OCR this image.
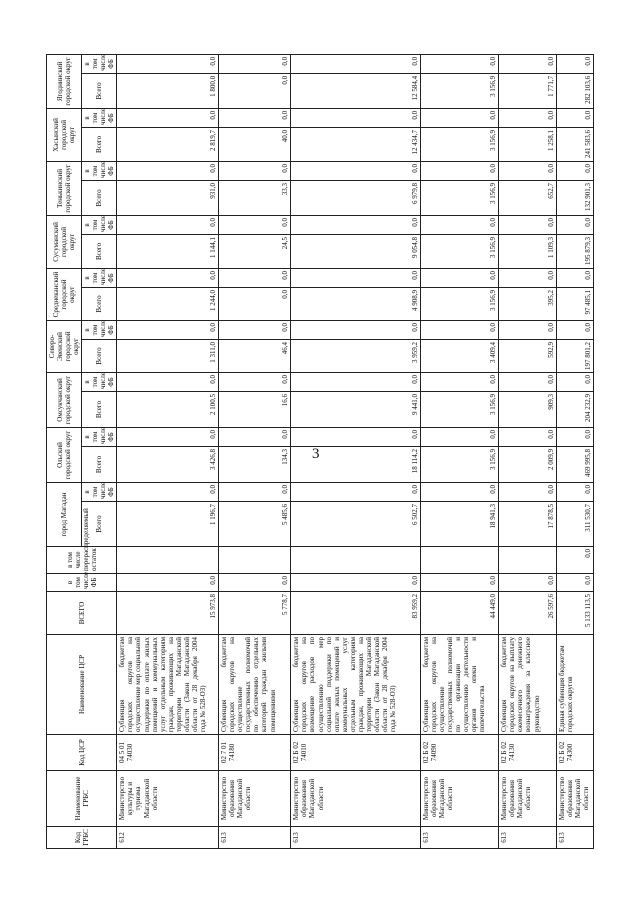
3
Код ГРБС	Наименование ГРБС	Код ЦСР	Наименование ЦСР	ВСЕГО	в том числе ФБ	в том числе перераспределяемый остаток	город Магадан		Ольский городской округ		Омсукчанский городской округ		Северо-Эвенский городской округ		Среднеканский городской округ		Сусуманский городской округ		Тенькинский городской округ		Хасынский городской округ		Ягоднинский городской округ	
							Всего	в том числе ФБ	Всего	в том числе ФБ	Всего	в том числе ФБ	Всего	в том числе ФБ	Всего	в том числе ФБ	Всего	в том числе ФБ	Всего	в том числе ФБ	Всего	в том числе ФБ	Всего	в том числе ФБ
612	Министерство культуры и туризма Магаданской области	04 5 01 74030	Субвенция бюджетам городских округов на осуществление мер социальной поддержки по оплате жилых помещений и коммунальных услуг отдельным категориям граждан, проживающих на территории Магаданской области (Закон Магаданской области от 28 декабря 2004 года № 528-ОЗ)	15 973,8	0,0		1 196,7	0,0	3 426,8	0,0	2 100,5	0,0	1 311,0	0,0	1 244,0	0,0	1 144,1	0,0	931,0	0,0	2 819,7	0,0	1 800,0	0,0
613	Министерство образования Магаданской области	02 7 01 74180	Субвенция бюджетам городских округов на осуществление государственных полномочий по обеспечению отдельных категорий граждан жилыми помещениями	5 778,7	0,0		5 485,6	0,0	134,3	0,0	16,6	0,0	46,4	0,0	0,0	0,0	24,5	0,0	33,3	0,0	40,0	0,0	0,0	0,0
613	Министерство образования Магаданской области	02 Б 02 74010	Субвенция бюджетам городских округов на возмещение расходов по осуществлению мер социальной поддержки по оплате жилых помещений и коммунальных услуг отдельным категориям граждан, проживающих на территории Магаданской области (Закон Магаданской области от 28 декабря 2004 года № 528-ОЗ)	83 959,2	0,0		6 502,7	0,0	18 114,2	0,0	9 441,0	0,0	3 959,2	0,0	4 908,9	0,0	9 054,8	0,0	6 979,8	0,0	12 434,7	0,0	12 584,4	0,0
613	Министерство образования Магаданской области	02 Б 02 74090	Субвенция бюджетам городских округов на осуществление государственных полномочий по организации и осуществлению деятельности органов опеки и попечительства	44 449,0	0,0		18 941,3	0,0	3 156,9	0,0	3 156,9	0,0	3 409,4	0,0	3 156,9	0,0	3 156,9	0,0	3 156,9	0,0	3 156,9	0,0	3 156,9	0,0
613	Министерство образования Магаданской области	02 Б 02 74130	Субвенция бюджетам городских округов на выплату ежемесячного денежного вознаграждения за классное руководство	26 597,6	0,0		17 878,5	0,0	2 009,9	0,0	909,3	0,0	592,9	0,0	395,2	0,0	1 109,3	0,0	652,7	0,0	1 258,1	0,0	1 771,7	0,0
613	Министерство образования Магаданской области	02 Б 02 74300	Единая субвенция бюджетам городских округов	5 133 113,5	0,0	0,0	311 530,7	0,0	469 995,8	0,0	204 232,9	0,0	197 801,2	0,0	97 485,1	0,0	195 879,3	0,0	132 901,3	0,0	241 583,6	0,0	282 103,6	0,0
